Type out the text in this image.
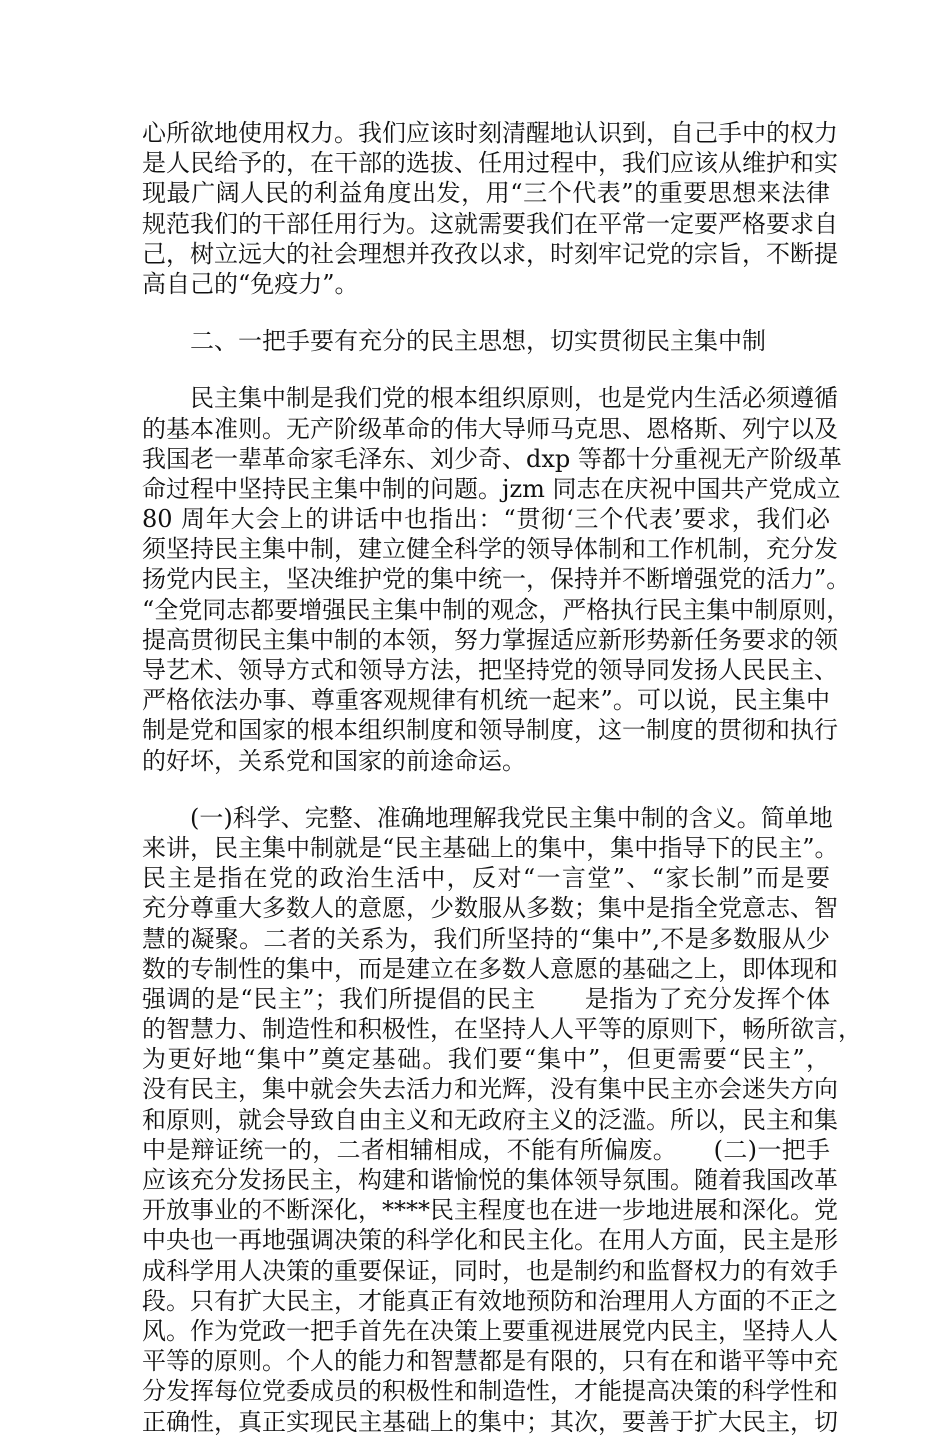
心所欲地使用权力。我们应该时刻清醒地认识到，自己手中的权力
是人民给予的，在干部的选拔、任用过程中，我们应该从维护和实
现最广阔人民的利益角度出发，用“三个代表”的重要思想来法律
规范我们的干部任用行为。这就需要我们在平常一定要严格要求自
己，树立远大的社会理想并孜孜以求，时刻牢记党的宗旨，不断提
高自己的“免疫力”。
二、一把手要有充分的民主思想，切实贯彻民主集中制
民主集中制是我们党的根本组织原则，也是党内生活必须遵循
的基本准则。无产阶级革命的伟大导师马克思、恩格斯、列宁以及
我国老一辈革命家毛泽东、刘少奇、dxp 等都十分重视无产阶级革
命过程中坚持民主集中制的问题。jzm 同志在庆祝中国共产党成立
80 周年大会上的讲话中也指出：“贯彻‘三个代表’要求，我们必
须坚持民主集中制，建立健全科学的领导体制和工作机制，充分发
扬党内民主，坚决维护党的集中统一，保持并不断增强党的活力”。
“全党同志都要增强民主集中制的观念，严格执行民主集中制原则，
提高贯彻民主集中制的本领，努力掌握适应新形势新任务要求的领
导艺术、领导方式和领导方法，把坚持党的领导同发扬人民民主、
严格依法办事、尊重客观规律有机统一起来”。可以说，民主集中
制是党和国家的根本组织制度和领导制度，这一制度的贯彻和执行
的好坏，关系党和国家的前途命运。
(一)科学、完整、准确地理解我党民主集中制的含义。简单地
来讲，民主集中制就是“民主基础上的集中，集中指导下的民主”。
民主是指在党的政治生活中，反对“一言堂”、“家长制”而是要
充分尊重大多数人的意愿，少数服从多数；集中是指全党意志、智
慧的凝聚。二者的关系为，我们所坚持的“集中”,不是多数服从少
数的专制性的集中，而是建立在多数人意愿的基础之上，即体现和
强调的是“民主”；我们所提倡的民主　　是指为了充分发挥个体
的智慧力、制造性和积极性，在坚持人人平等的原则下，畅所欲言，
为更好地“集中”奠定基础。我们要“集中”，但更需要“民主”，
没有民主，集中就会失去活力和光辉，没有集中民主亦会迷失方向
和原则，就会导致自由主义和无政府主义的泛滥。所以，民主和集
中是辩证统一的，二者相辅相成，不能有所偏废。　　(二)一把手
应该充分发扬民主，构建和谐愉悦的集体领导氛围。随着我国改革
开放事业的不断深化，****民主程度也在进一步地进展和深化。党
中央也一再地强调决策的科学化和民主化。在用人方面，民主是形
成科学用人决策的重要保证，同时，也是制约和监督权力的有效手
段。只有扩大民主，才能真正有效地预防和治理用人方面的不正之
风。作为党政一把手首先在决策上要重视进展党内民主，坚持人人
平等的原则。个人的能力和智慧都是有限的，只有在和谐平等中充
分发挥每位党委成员的积极性和制造性，才能提高决策的科学性和
正确性，真正实现民主基础上的集中；其次，要善于扩大民主，切
